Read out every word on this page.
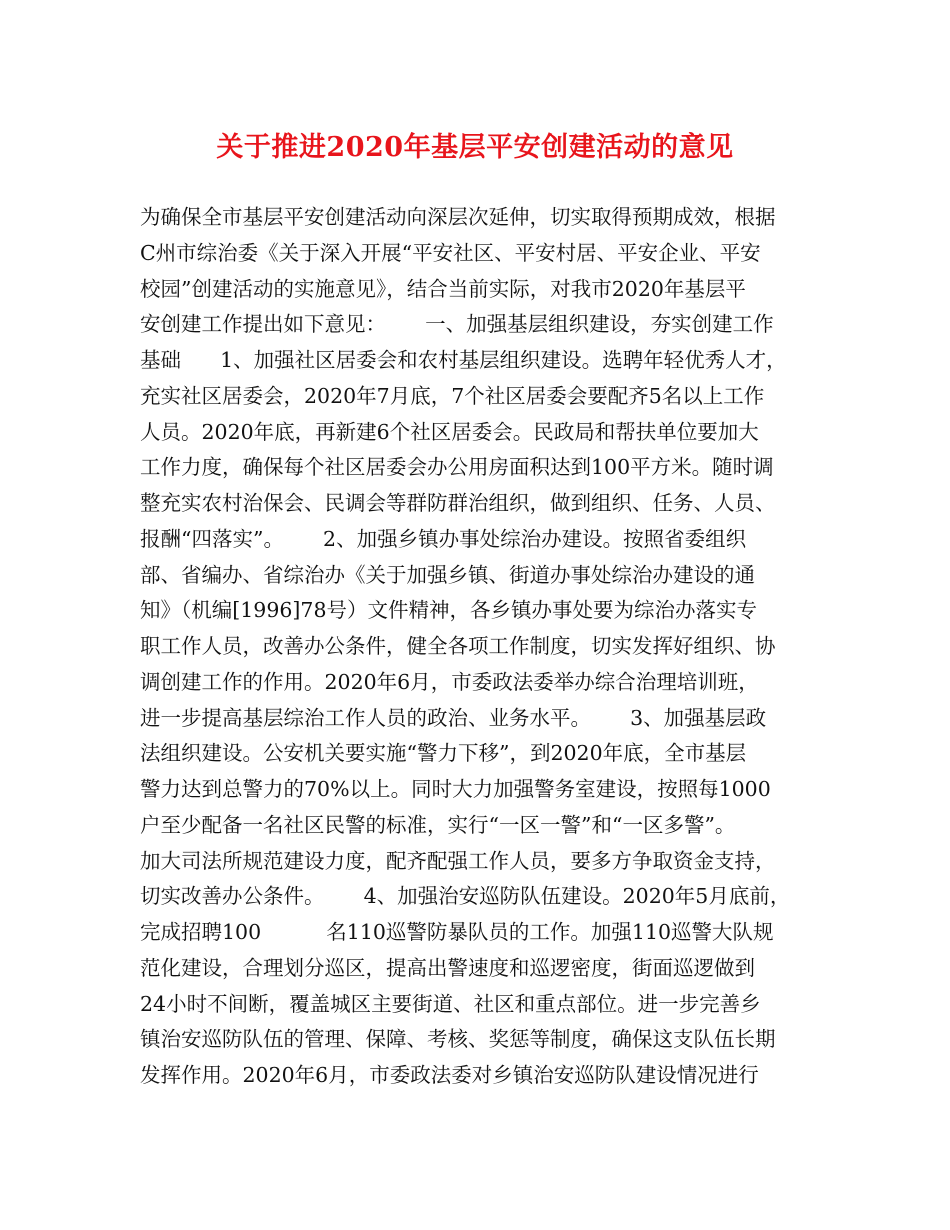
关于推进2020年基层平安创建活动的意见
为确保全市基层平安创建活动向深层次延伸，切实取得预期成效，根据
C州市综治委《关于深入开展“平安社区、平安村居、平安企业、平安
校园”创建活动的实施意见》，结合当前实际，对我市2020年基层平
安创建工作提出如下意见：      一、加强基层组织建设，夯实创建工作
基础      1、加强社区居委会和农村基层组织建设。选聘年轻优秀人才，
充实社区居委会，2020年7月底，7个社区居委会要配齐5名以上工作
人员。2020年底，再新建6个社区居委会。民政局和帮扶单位要加大
工作力度，确保每个社区居委会办公用房面积达到100平方米。随时调
整充实农村治保会、民调会等群防群治组织，做到组织、任务、人员、
报酬“四落实”。      2、加强乡镇办事处综治办建设。按照省委组织
部、省编办、省综治办《关于加强乡镇、街道办事处综治办建设的通
知》（机编[1996]78号）文件精神，各乡镇办事处要为综治办落实专
职工作人员，改善办公条件，健全各项工作制度，切实发挥好组织、协
调创建工作的作用。2020年6月，市委政法委举办综合治理培训班，
进一步提高基层综治工作人员的政治、业务水平。      3、加强基层政
法组织建设。公安机关要实施“警力下移”，到2020年底，全市基层
警力达到总警力的70%以上。同时大力加强警务室建设，按照每1000
户至少配备一名社区民警的标准，实行“一区一警”和“一区多警”。
加大司法所规范建设力度，配齐配强工作人员，要多方争取资金支持，
切实改善办公条件。      4、加强治安巡防队伍建设。2020年5月底前，
完成招聘100          名110巡警防暴队员的工作。加强110巡警大队规
范化建设，合理划分巡区，提高出警速度和巡逻密度，街面巡逻做到
24小时不间断，覆盖城区主要街道、社区和重点部位。进一步完善乡
镇治安巡防队伍的管理、保障、考核、奖惩等制度，确保这支队伍长期
发挥作用。2020年6月，市委政法委对乡镇治安巡防队建设情况进行
